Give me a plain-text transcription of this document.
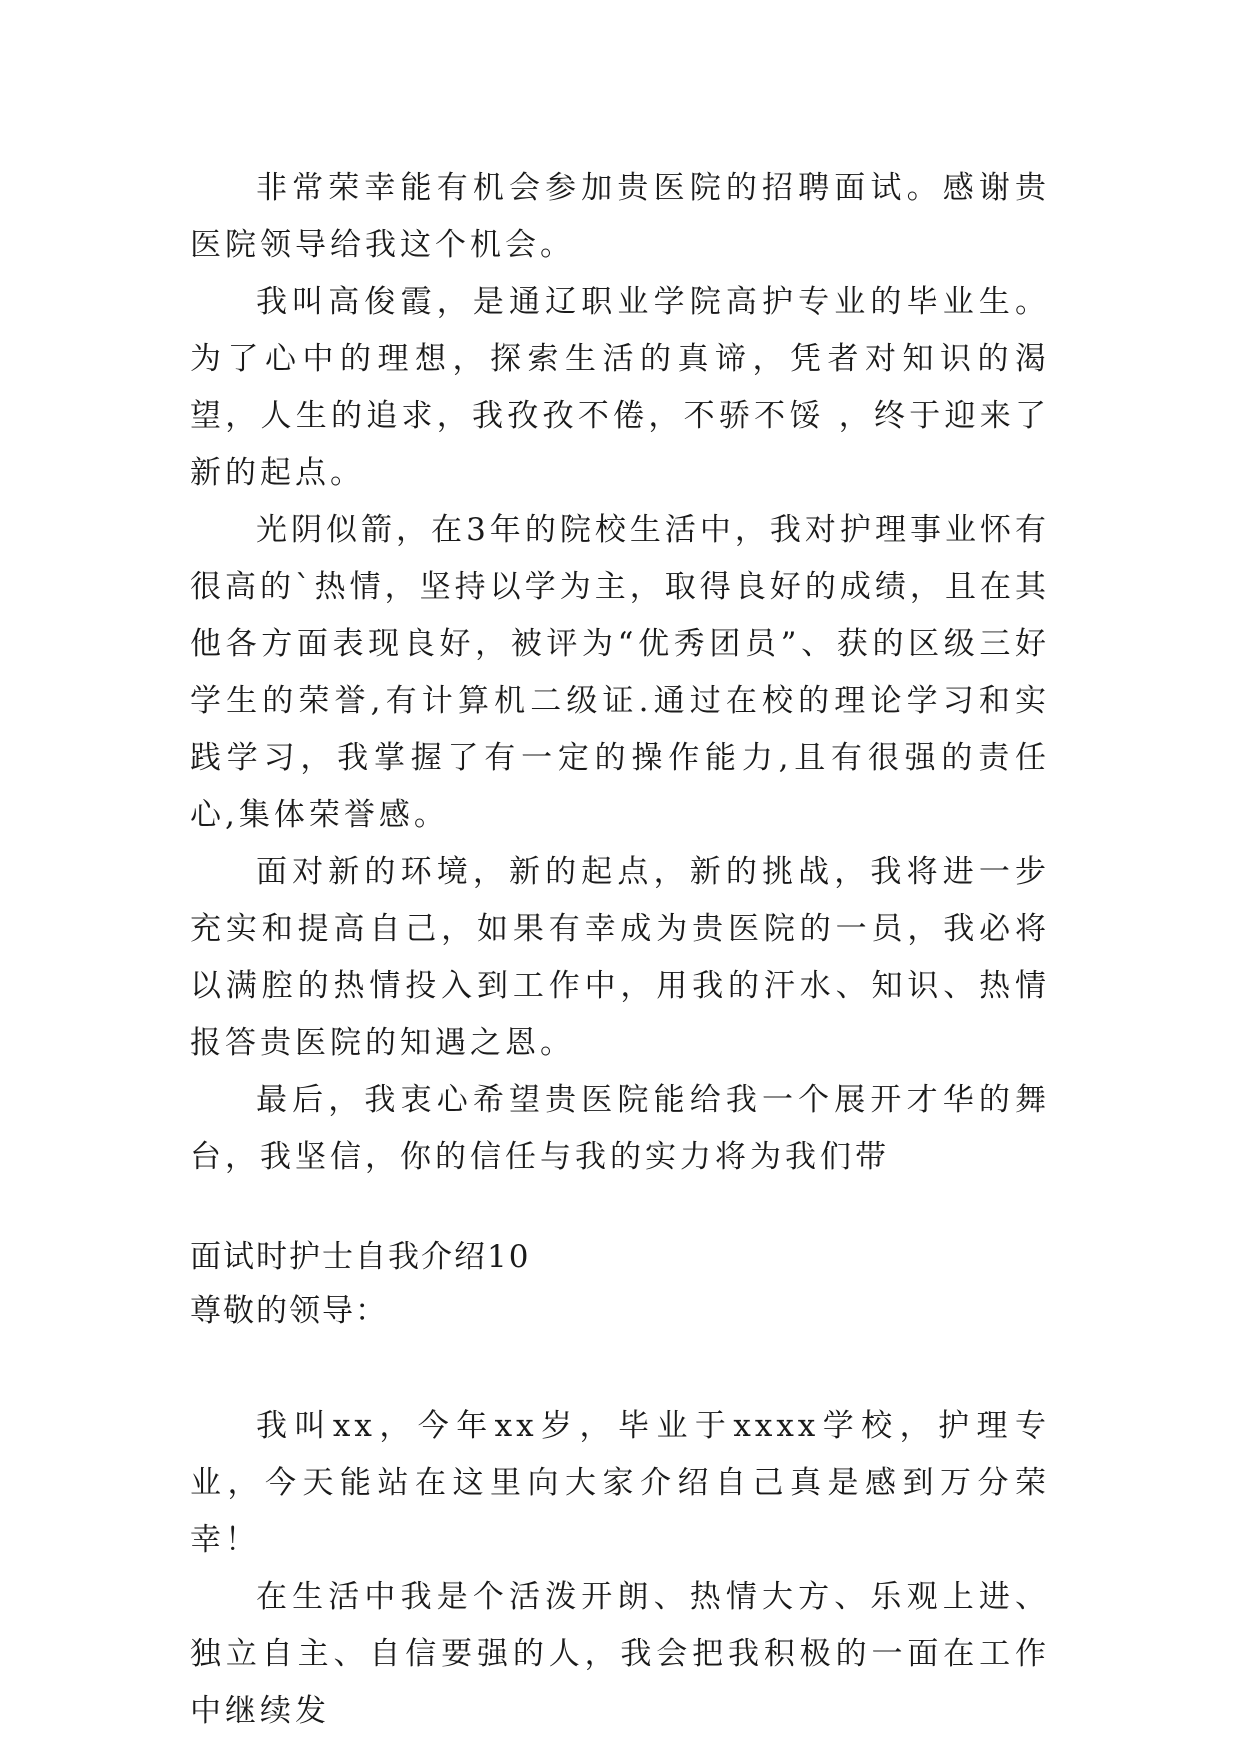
非常荣幸能有机会参加贵医院的招聘面试。感谢贵医院领导给我这个机会。

我叫高俊霞，是通辽职业学院高护专业的毕业生。为了心中的理想，探索生活的真谛，凭者对知识的渴望，人生的追求，我孜孜不倦，不骄不馁 ，终于迎来了新的起点。

光阴似箭，在3年的院校生活中，我对护理事业怀有很高的`热情，坚持以学为主，取得良好的成绩，且在其他各方面表现良好，被评为“优秀团员”、获的区级三好学生的荣誉,有计算机二级证.通过在校的理论学习和实践学习，我掌握了有一定的操作能力,且有很强的责任心,集体荣誉感。

面对新的环境，新的起点，新的挑战，我将进一步充实和提高自己，如果有幸成为贵医院的一员，我必将以满腔的热情投入到工作中，用我的汗水、知识、热情报答贵医院的知遇之恩。

最后，我衷心希望贵医院能给我一个展开才华的舞台，我坚信，你的信任与我的实力将为我们带

面试时护士自我介绍10

尊敬的领导：

我叫xx，今年xx岁，毕业于xxxx学校，护理专业，今天能站在这里向大家介绍自己真是感到万分荣幸！

在生活中我是个活泼开朗、热情大方、乐观上进、独立自主、自信要强的人，我会把我积极的一面在工作中继续发
